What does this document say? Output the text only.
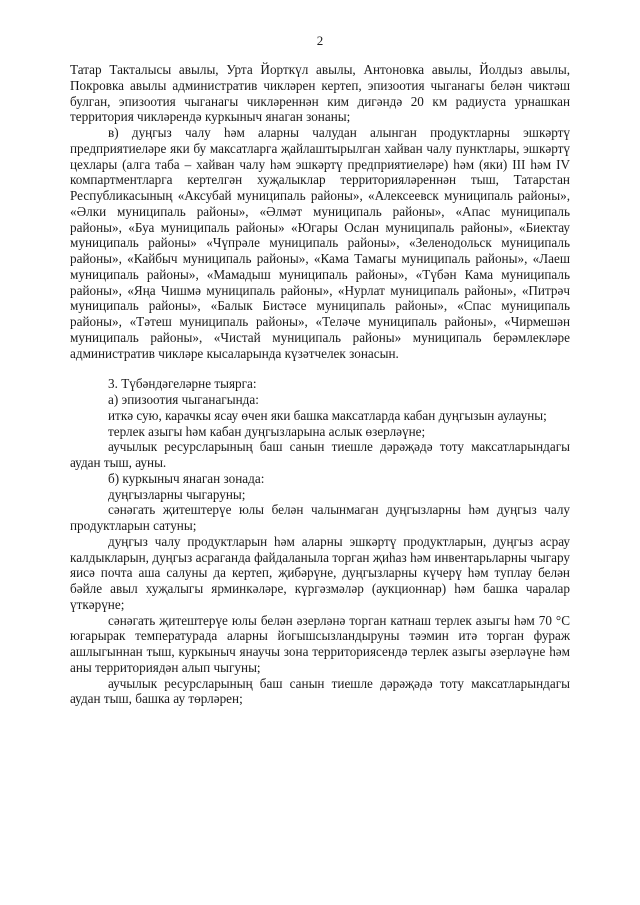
2

Татар Такталысы авылы, Урта Йорткүл авылы, Антоновка авылы, Йолдыз авылы, Покровка авылы административ чикләрен кертеп, эпизоотия чыганагы белән чиктәш булган, эпизоотия чыганагы чикләреннән ким дигәндә 20 км радиуста урнашкан территория чикләрендә куркыныч янаган зонаны;

в) дуңгыз чалу һәм аларны чалудан алынган продуктларны эшкәртү предприятиеләре яки бу максатларга җайлаштырылган хайван чалу пунктлары, эшкәртү цехлары (алга таба – хайван чалу һәм эшкәртү предприятиеләре) һәм (яки) III һәм IV компартментларга кертелгән хуҗалыклар территорияләреннән тыш, Татарстан Республикасының «Аксубай муниципаль районы», «Алексеевск муниципаль районы», «Әлки муниципаль районы», «Әлмәт муниципаль районы», «Апас муниципаль районы», «Буа муниципаль районы» «Югары Ослан муниципаль районы», «Биектау муниципаль районы» «Чүпрәле муниципаль районы», «Зеленодольск муниципаль районы», «Кайбыч муниципаль районы», «Кама Тамагы муниципаль районы», «Лаеш муниципаль районы», «Мамадыш муниципаль районы», «Түбән Кама муниципаль районы», «Яңа Чишмә муниципаль районы», «Нурлат муниципаль районы», «Питрәч муниципаль районы», «Балык Бистәсе муниципаль районы», «Спас муниципаль районы», «Тәтеш муниципаль районы», «Теләче муниципаль районы», «Чирмешән муниципаль районы», «Чистай муниципаль районы» муниципаль берәмлекләре административ чикләре кысаларында күзәтчелек зонасын.

3. Түбәндәгеләрне тыярга:

а) эпизоотия чыганагында:

иткә сую, карачкы ясау өчен яки башка максатларда кабан дуңгызын аулауны;

терлек азыгы һәм кабан дуңгызларына аслык өзерләүне;

аучылык ресурсларының баш санын тиешле дәрәҗәдә тоту максатларындагы аудан тыш, ауны.

б) куркыныч янаган зонада:

дуңгызларны чыгаруны;

сәнәгать җитештерүе юлы белән чалынмаган дуңгызларны һәм дуңгыз чалу продуктларын сатуны;

дуңгыз чалу продуктларын һәм аларны эшкәртү продуктларын, дуңгыз асрау калдыкларын, дуңгыз асраганда файдаланыла торган җиһаз һәм инвентарьларны чыгару яисә почта аша салуны да кертеп, җибәрүне, дуңгызларны күчерү һәм туплау белән бәйле авыл хуҗалыгы ярминкәләре, күргәзмәләр (аукционнар) һәм башка чаралар үткәрүне;

сәнәгать җитештерүе юлы белән әзерләнә торган катнаш терлек азыгы һәм 70 °С югарырак температурада аларны йогышсызландыруны тәэмин итә торган фураж ашлыгыннан тыш, куркыныч янаучы зона территориясендә терлек азыгы әзерләүне һәм аны территориядән алып чыгуны;

аучылык ресурсларының баш санын тиешле дәрәҗәдә тоту максатларындагы аудан тыш, башка ау төрләрен;
